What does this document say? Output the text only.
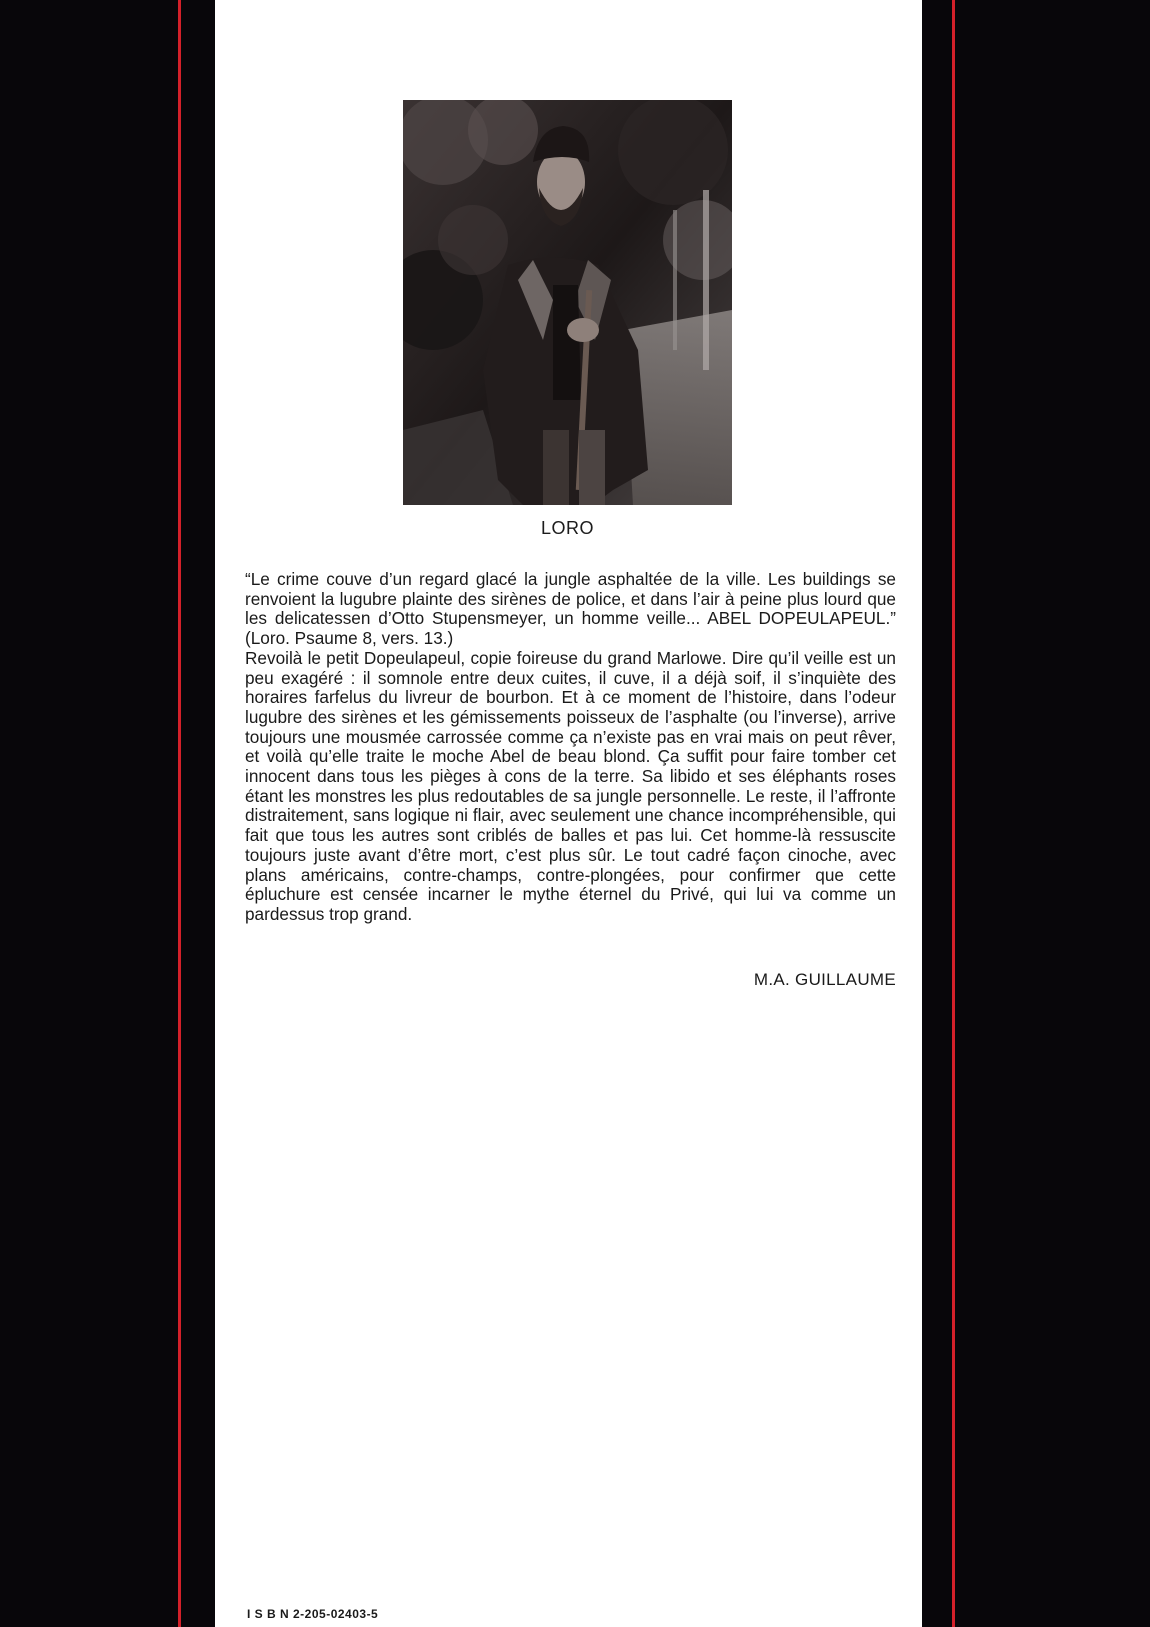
LORO

“Le crime couve d’un regard glacé la jungle asphaltée de la ville. Les buildings se renvoient la lugubre plainte des sirènes de police, et dans l’air à peine plus lourd que les delicatessen d’Otto Stupensmeyer, un homme veille... ABEL DOPEULAPEUL.” (Loro. Psaume 8, vers. 13.)

Revoilà le petit Dopeulapeul, copie foireuse du grand Marlowe. Dire qu’il veille est un peu exagéré : il somnole entre deux cuites, il cuve, il a déjà soif, il s’inquiète des horaires farfelus du livreur de bourbon. Et à ce moment de l’histoire, dans l’odeur lugubre des sirènes et les gémissements poisseux de l’asphalte (ou l’inverse), arrive toujours une mousmée carrossée comme ça n’existe pas en vrai mais on peut rêver, et voilà qu’elle traite le moche Abel de beau blond. Ça suffit pour faire tomber cet innocent dans tous les pièges à cons de la terre. Sa libido et ses éléphants roses étant les monstres les plus redoutables de sa jungle personnelle. Le reste, il l’affronte distraitement, sans logique ni flair, avec seulement une chance incompréhensible, qui fait que tous les autres sont criblés de balles et pas lui. Cet homme-là ressuscite toujours juste avant d’être mort, c’est plus sûr. Le tout cadré façon cinoche, avec plans américains, contre-champs, contre-plongées, pour confirmer que cette épluchure est censée incarner le mythe éternel du Privé, qui lui va comme un pardessus trop grand.

M.A. GUILLAUME
I S B N 2-205-02403-5
